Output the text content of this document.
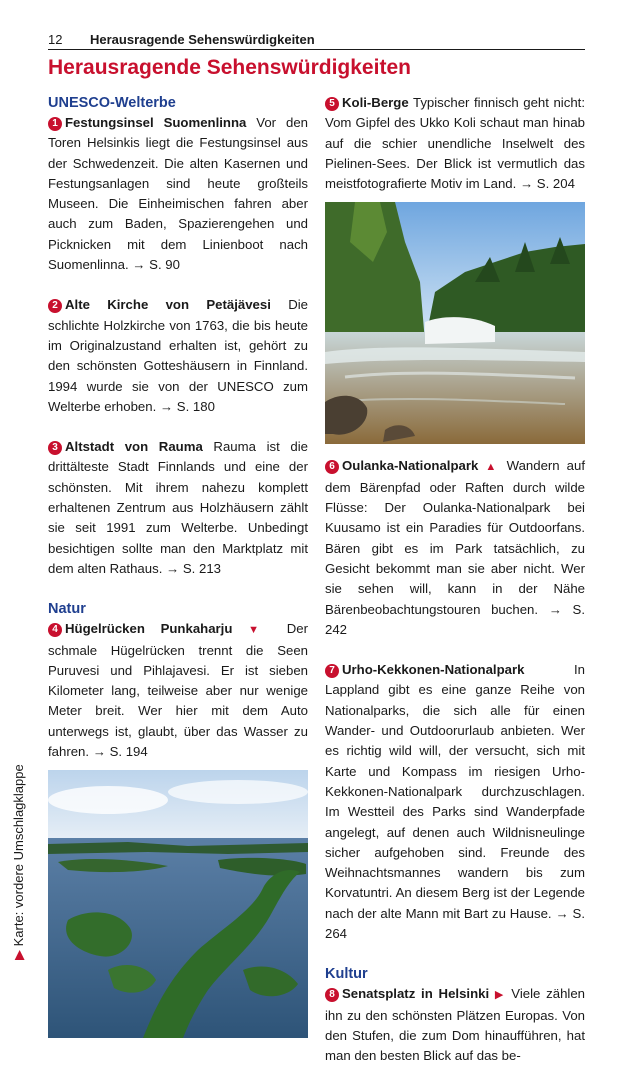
12 Herausragende Sehenswürdigkeiten
Herausragende Sehenswürdigkeiten
▶ Karte: vordere Umschlagklappe
UNESCO-Welterbe

1 Festungsinsel Suomenlinna Vor den Toren Helsinkis liegt die Festungsinsel aus der Schwedenzeit. Die alten Kasernen und Festungsanlagen sind heute großteils Museen. Die Einheimischen fahren aber auch zum Baden, Spazierengehen und Picknicken mit dem Linienboot nach Suomenlinna. → S. 90

2 Alte Kirche von Petäjävesi Die schlichte Holzkirche von 1763, die bis heute im Originalzustand erhalten ist, gehört zu den schönsten Gotteshäusern in Finnland. 1994 wurde sie von der UNESCO zum Welterbe erhoben. → S. 180

3 Altstadt von Rauma Rauma ist die drittälteste Stadt Finnlands und eine der schönsten. Mit ihrem nahezu komplett erhaltenen Zentrum aus Holzhäusern zählt sie seit 1991 zum Welterbe. Unbedingt besichtigen sollte man den Marktplatz mit dem alten Rathaus. → S. 213

Natur

4 Hügelrücken Punkaharju ▼ Der schmale Hügelrücken trennt die Seen Puruvesi und Pihlajavesi. Er ist sieben Kilometer lang, teilweise aber nur wenige Meter breit. Wer hier mit dem Auto unterwegs ist, glaubt, über das Wasser zu fahren. → S. 194

5 Koli-Berge Typischer finnisch geht nicht: Vom Gipfel des Ukko Koli schaut man hinab auf die schier unendliche Inselwelt des Pielinen-Sees. Der Blick ist vermutlich das meistfotografierte Motiv im Land. → S. 204

6 Oulanka-Nationalpark ▲ Wandern auf dem Bärenpfad oder Raften durch wilde Flüsse: Der Oulanka-Nationalpark bei Kuusamo ist ein Paradies für Outdoorfans. Bären gibt es im Park tatsächlich, zu Gesicht bekommt man sie aber nicht. Wer sie sehen will, kann in der Nähe Bärenbeobachtungstouren buchen. → S. 242

7 Urho-Kekkonen-Nationalpark In Lappland gibt es eine ganze Reihe von Nationalparks, die sich alle für einen Wander- und Outdoorurlaub anbieten. Wer es richtig wild will, der versucht, sich mit Karte und Kompass im riesigen Urho-Kekkonen-Nationalpark durchzuschlagen. Im Westteil des Parks sind Wanderpfade angelegt, auf denen auch Wildnisneulinge sicher aufgehoben sind. Freunde des Weihnachtsmannes wandern bis zum Korvatuntri. An diesem Berg ist der Legende nach der alte Mann mit Bart zu Hause. → S. 264

Kultur

8 Senatsplatz in Helsinki ▶ Viele zählen ihn zu den schönsten Plätzen Europas. Von den Stufen, die zum Dom hinaufführen, hat man den besten Blick auf das be-
